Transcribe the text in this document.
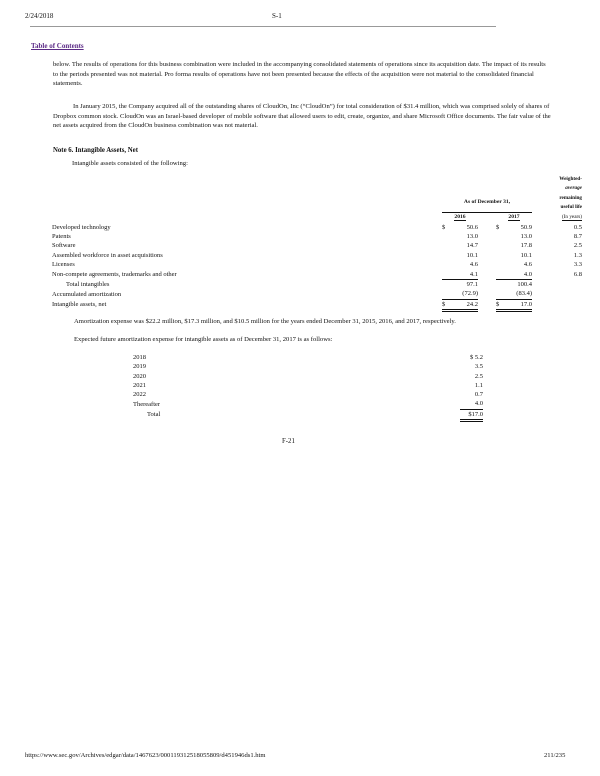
2/24/2018	S-1
Table of Contents
below. The results of operations for this business combination were included in the accompanying consolidated statements of operations since its acquisition date. The impact of its results to the periods presented was not material. Pro forma results of operations have not been presented because the effects of the acquisition were not material to the consolidated financial statements.
In January 2015, the Company acquired all of the outstanding shares of CloudOn, Inc (“CloudOn”) for total consideration of $31.4 million, which was comprised solely of shares of Dropbox common stock. CloudOn was an Israel-based developer of mobile software that allowed users to edit, create, organize, and share Microsoft Office documents. The fair value of the net assets acquired from the CloudOn business combination was not material.
Note 6. Intangible Assets, Net
Intangible assets consisted of the following:

				Weighted-
average
remaining
useful life

	As of December 31,			
	2016		2017	(In years)
Developed technology	$ 50.6		$ 50.9	0.5
Patents	13.0		13.0	8.7
Software	14.7		17.8	2.5
Assembled workforce in asset acquisitions	10.1		10.1	1.3
Licenses	4.6		4.6	3.3
Non-compete agreements, trademarks and other	4.1		4.0	6.8
Total intangibles	97.1		100.4	
Accumulated amortization	(72.9)		(83.4)	
Intangible assets, net	$ 24.2		$ 17.0	
Amortization expense was $22.2 million, $17.3 million, and $10.5 million for the years ended December 31, 2015, 2016, and 2017, respectively.
Expected future amortization expense for intangible assets as of December 31, 2017 is as follows:
2018	$ 5.2
2019	3.5
2020	2.5
2021	1.1
2022	0.7
Thereafter	4.0
Total	$17.0
F-21
https://www.sec.gov/Archives/edgar/data/1467623/000119312518055809/d451946ds1.htm	211/235
